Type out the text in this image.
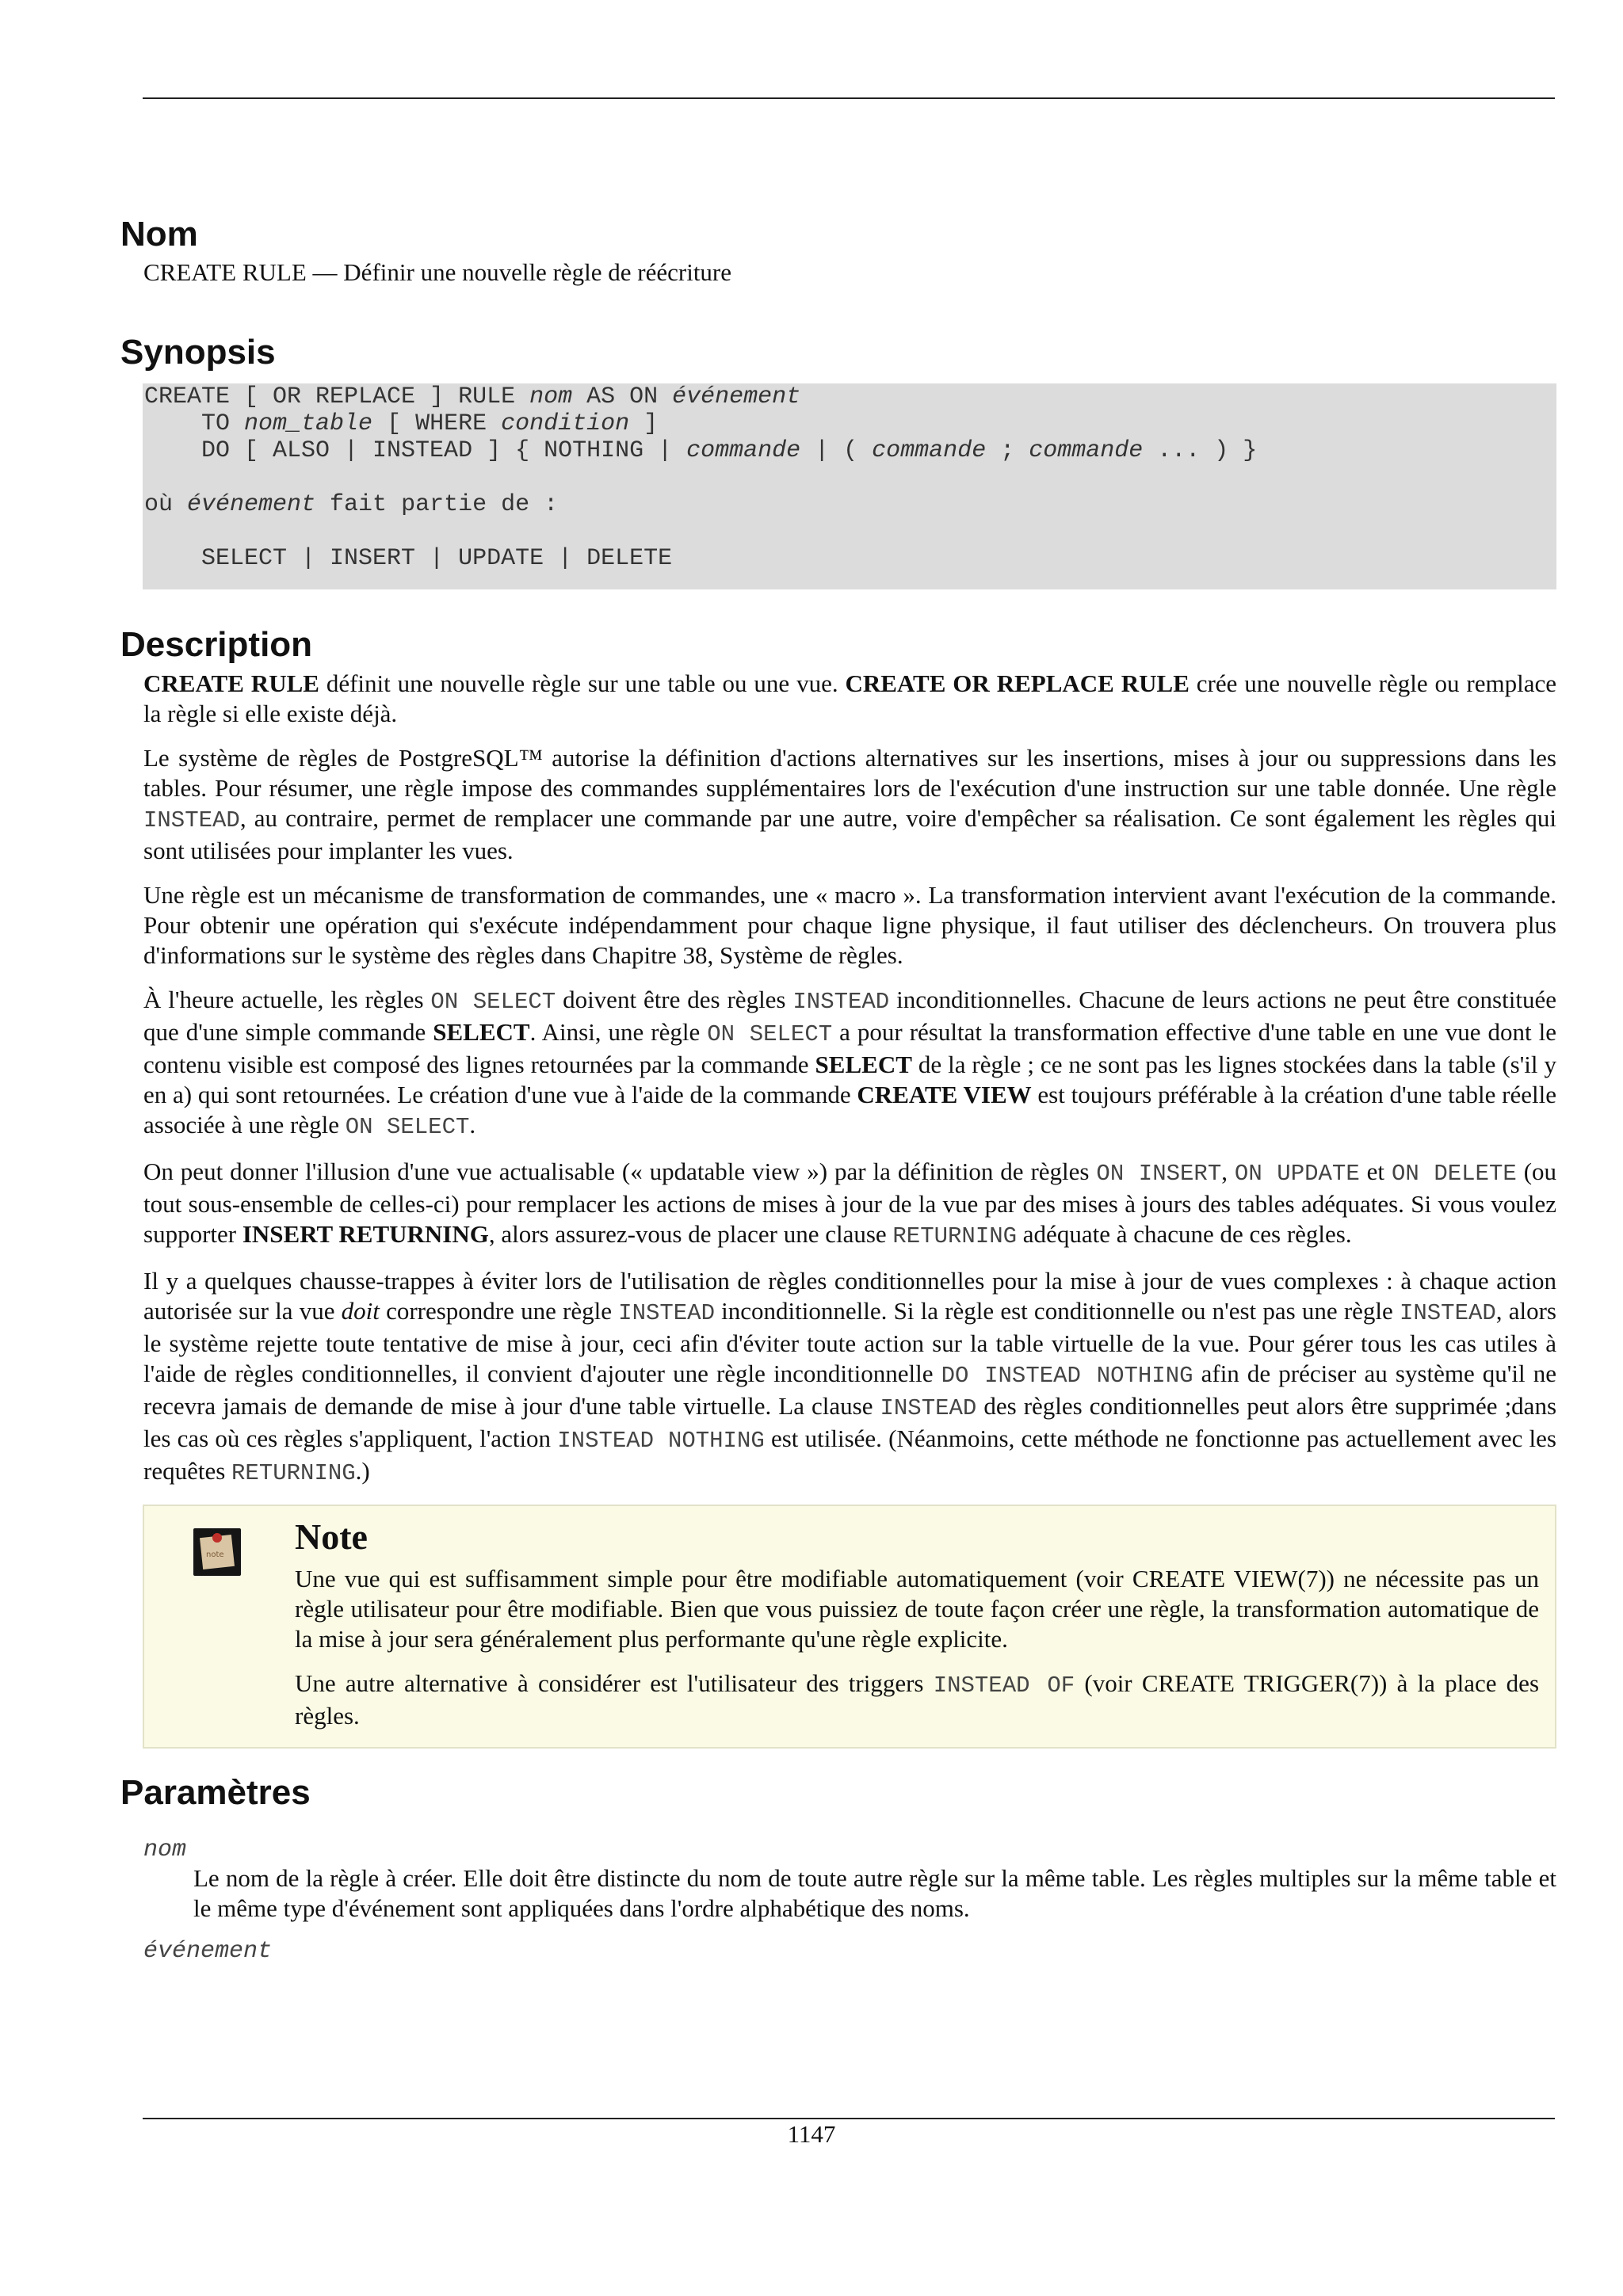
Nom

CREATE RULE — Définir une nouvelle règle de réécriture

Synopsis
CREATE [ OR REPLACE ] RULE nom AS ON événement
TO nom_table [ WHERE condition ]
DO [ ALSO | INSTEAD ] { NOTHING | commande | ( commande ; commande ... ) }

où événement fait partie de :

SELECT | INSERT | UPDATE | DELETE
Description

CREATE RULE définit une nouvelle règle sur une table ou une vue. CREATE OR REPLACE RULE crée une nouvelle règle ou remplace la règle si elle existe déjà.

Le système de règles de PostgreSQL™ autorise la définition d'actions alternatives sur les insertions, mises à jour ou suppressions dans les tables. Pour résumer, une règle impose des commandes supplémentaires lors de l'exécution d'une instruction sur une table donnée. Une règle INSTEAD, au contraire, permet de remplacer une commande par une autre, voire d'empêcher sa réalisation. Ce sont également les règles qui sont utilisées pour implanter les vues.

Une règle est un mécanisme de transformation de commandes, une « macro ». La transformation intervient avant l'exécution de la commande. Pour obtenir une opération qui s'exécute indépendamment pour chaque ligne physique, il faut utiliser des déclencheurs. On trouvera plus d'informations sur le système des règles dans Chapitre 38, Système de règles.

À l'heure actuelle, les règles ON SELECT doivent être des règles INSTEAD inconditionnelles. Chacune de leurs actions ne peut être constituée que d'une simple commande SELECT. Ainsi, une règle ON SELECT a pour résultat la transformation effective d'une table en une vue dont le contenu visible est composé des lignes retournées par la commande SELECT de la règle ; ce ne sont pas les lignes stockées dans la table (s'il y en a) qui sont retournées. Le création d'une vue à l'aide de la commande CREATE VIEW est toujours préférable à la création d'une table réelle associée à une règle ON SELECT.

On peut donner l'illusion d'une vue actualisable (« updatable view ») par la définition de règles ON INSERT, ON UPDATE et ON DELETE (ou tout sous-ensemble de celles-ci) pour remplacer les actions de mises à jour de la vue par des mises à jours des tables adéquates. Si vous voulez supporter INSERT RETURNING, alors assurez-vous de placer une clause RETURNING adéquate à chacune de ces règles.

Il y a quelques chausse-trappes à éviter lors de l'utilisation de règles conditionnelles pour la mise à jour de vues complexes : à chaque action autorisée sur la vue doit correspondre une règle INSTEAD inconditionnelle. Si la règle est conditionnelle ou n'est pas une règle INSTEAD, alors le système rejette toute tentative de mise à jour, ceci afin d'éviter toute action sur la table virtuelle de la vue. Pour gérer tous les cas utiles à l'aide de règles conditionnelles, il convient d'ajouter une règle inconditionnelle DO INSTEAD NOTHING afin de préciser au système qu'il ne recevra jamais de demande de mise à jour d'une table virtuelle. La clause INSTEAD des règles conditionnelles peut alors être supprimée ;dans les cas où ces règles s'appliquent, l'action INSTEAD NOTHING est utilisée. (Néanmoins, cette méthode ne fonctionne pas actuellement avec les requêtes RETURNING.)

note Note

Une vue qui est suffisamment simple pour être modifiable automatiquement (voir CREATE VIEW(7)) ne nécessite pas un règle utilisateur pour être modifiable. Bien que vous puissiez de toute façon créer une règle, la transformation automatique de la mise à jour sera généralement plus performante qu'une règle explicite.

Une autre alternative à considérer est l'utilisateur des triggers INSTEAD OF (voir CREATE TRIGGER(7)) à la place des règles.

Paramètres
nom

Le nom de la règle à créer. Elle doit être distincte du nom de toute autre règle sur la même table. Les règles multiples sur la même table et le même type d'événement sont appliquées dans l'ordre alphabétique des noms.

événement
1147
